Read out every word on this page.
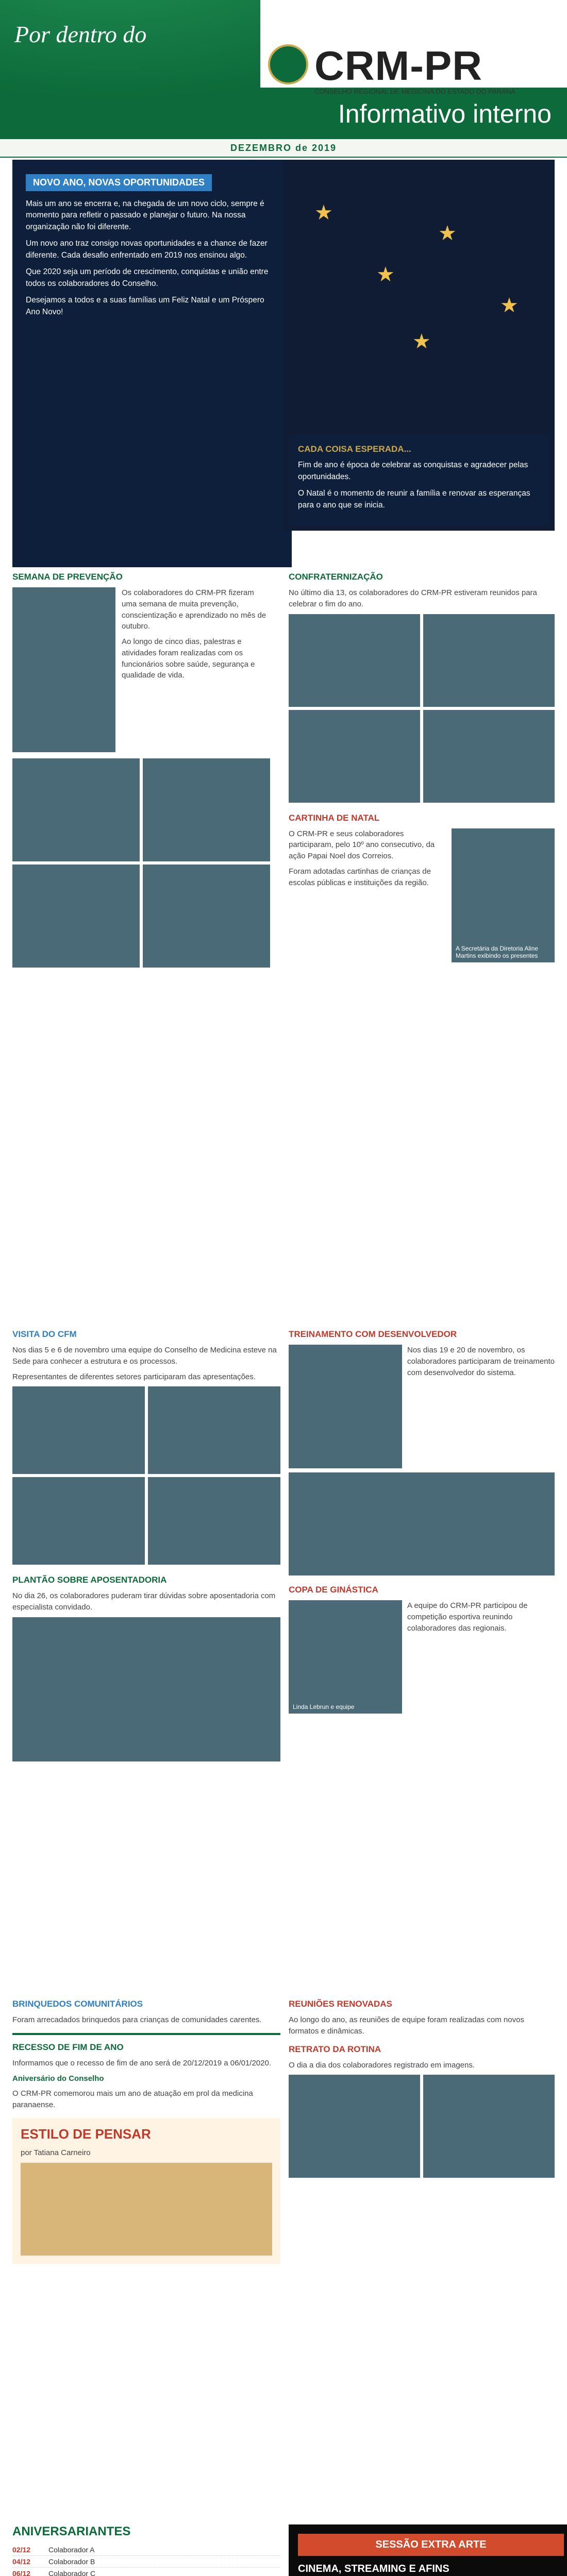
Por dentro do
CRM-PR
CONSELHO REGIONAL DE MEDICINA DO ESTADO DO PARANÁ
Informativo interno
DEZEMBRO de 2019
NOVO ANO, NOVAS OPORTUNIDADES

Mais um ano se encerra e, na chegada de um novo ciclo, sempre é momento para refletir o passado e planejar o futuro. Na nossa organização não foi diferente.

Um novo ano traz consigo novas oportunidades e a chance de fazer diferente. Cada desafio enfrentado em 2019 nos ensinou algo.

Que 2020 seja um período de crescimento, conquistas e união entre todos os colaboradores do Conselho.

Desejamos a todos e a suas famílias um Feliz Natal e um Próspero Ano Novo!

★
★
★
★
★
CADA COISA ESPERADA...

Fim de ano é época de celebrar as conquistas e agradecer pelas oportunidades.

O Natal é o momento de reunir a família e renovar as esperanças para o ano que se inicia.

SEMANA DE PREVENÇÃO

Os colaboradores do CRM-PR fizeram uma semana de muita prevenção, conscientização e aprendizado no mês de outubro.

Ao longo de cinco dias, palestras e atividades foram realizadas com os funcionários sobre saúde, segurança e qualidade de vida.

CONFRATERNIZAÇÃO

No último dia 13, os colaboradores do CRM-PR estiveram reunidos para celebrar o fim do ano.

CARTINHA DE NATAL

O CRM-PR e seus colaboradores participaram, pelo 10º ano consecutivo, da ação Papai Noel dos Correios.

Foram adotadas cartinhas de crianças de escolas públicas e instituições da região.

A Secretária da Diretoria Aline Martins exibindo os presentes
VISITA DO CFM

Nos dias 5 e 6 de novembro uma equipe do Conselho de Medicina esteve na Sede para conhecer a estrutura e os processos.

Representantes de diferentes setores participaram das apresentações.

PLANTÃO SOBRE APOSENTADORIA

No dia 26, os colaboradores puderam tirar dúvidas sobre aposentadoria com especialista convidado.

TREINAMENTO COM DESENVOLVEDOR

Nos dias 19 e 20 de novembro, os colaboradores participaram de treinamento com desenvolvedor do sistema.

COPA DE GINÁSTICA
Linda Lebrun e equipe

A equipe do CRM-PR participou de competição esportiva reunindo colaboradores das regionais.

BRINQUEDOS COMUNITÁRIOS

Foram arrecadados brinquedos para crianças de comunidades carentes.

RECESSO DE FIM DE ANO

Informamos que o recesso de fim de ano será de 20/12/2019 a 06/01/2020.

Aniversário do Conselho

O CRM-PR comemorou mais um ano de atuação em prol da medicina paranaense.

ESTILO DE PENSAR

por Tatiana Carneiro

REUNIÕES RENOVADAS

Ao longo do ano, as reuniões de equipe foram realizadas com novos formatos e dinâmicas.

RETRATO DA ROTINA

O dia a dia dos colaboradores registrado em imagens.

ANIVERSARIANTES
02/12	Colaborador A
04/12	Colaborador B
06/12	Colaborador C
SESSÃO EXTRA ARTE
CINEMA, STREAMING E AFINS
